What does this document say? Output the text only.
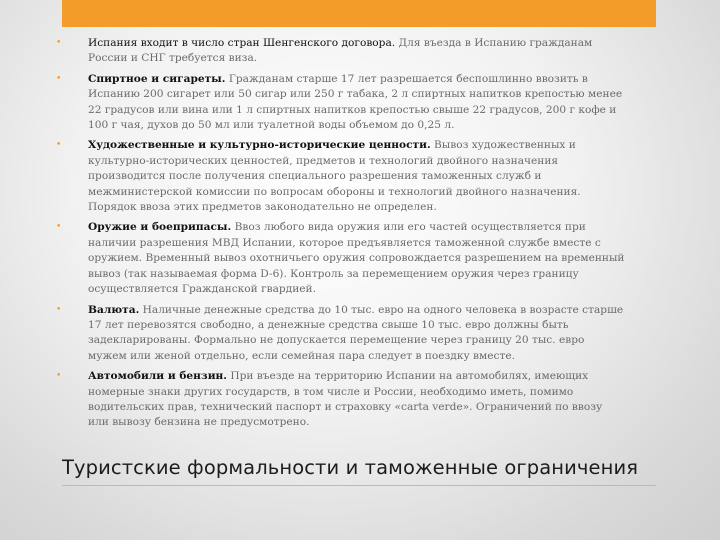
•	Испания входит в число стран Шенгенского договора. Для въезда в Испанию гражданам России и СНГ требуется виза.
•	Спиртное и сигареты. Гражданам старше 17 лет разрешается беспошлинно ввозить в Испанию 200 сигарет или 50 сигар или 250 г табака, 2 л спиртных напитков крепостью менее 22 градусов или вина или 1 л спиртных напитков крепостью свыше 22 градусов, 200 г кофе и 100 г чая, духов до 50 мл или туалетной воды объемом до 0,25 л.
•	Художественные и культурно-исторические ценности. Вывоз художественных и культурно-исторических ценностей, предметов и технологий двойного назначения производится после получения специального разрешения таможенных служб и межминистерской комиссии по вопросам обороны и технологий двойного назначения. Порядок ввоза этих предметов законодательно не определен.
•	Оружие и боеприпасы. Ввоз любого вида оружия или его частей осуществляется при наличии разрешения МВД Испании, которое предъявляется таможенной службе вместе с оружием. Временный вывоз охотничьего оружия сопровождается разрешением на временный вывоз (так называемая форма D-6). Контроль за перемещением оружия через границу осуществляется Гражданской гвардией.
•	Валюта. Наличные денежные средства до 10 тыс. евро на одного человека в возрасте старше 17 лет перевозятся свободно, а денежные средства свыше 10 тыс. евро должны быть задекларированы. Формально не допускается перемещение через границу 20 тыс. евро мужем или женой отдельно, если семейная пара следует в поездку вместе.
•	Автомобили и бензин. При въезде на территорию Испании на автомобилях, имеющих номерные знаки других государств, в том числе и России, необходимо иметь, помимо водительских прав, технический паспорт и страховку «carta verde». Ограничений по ввозу или вывозу бензина не предусмотрено.
Туристские формальности и таможенные ограничения
